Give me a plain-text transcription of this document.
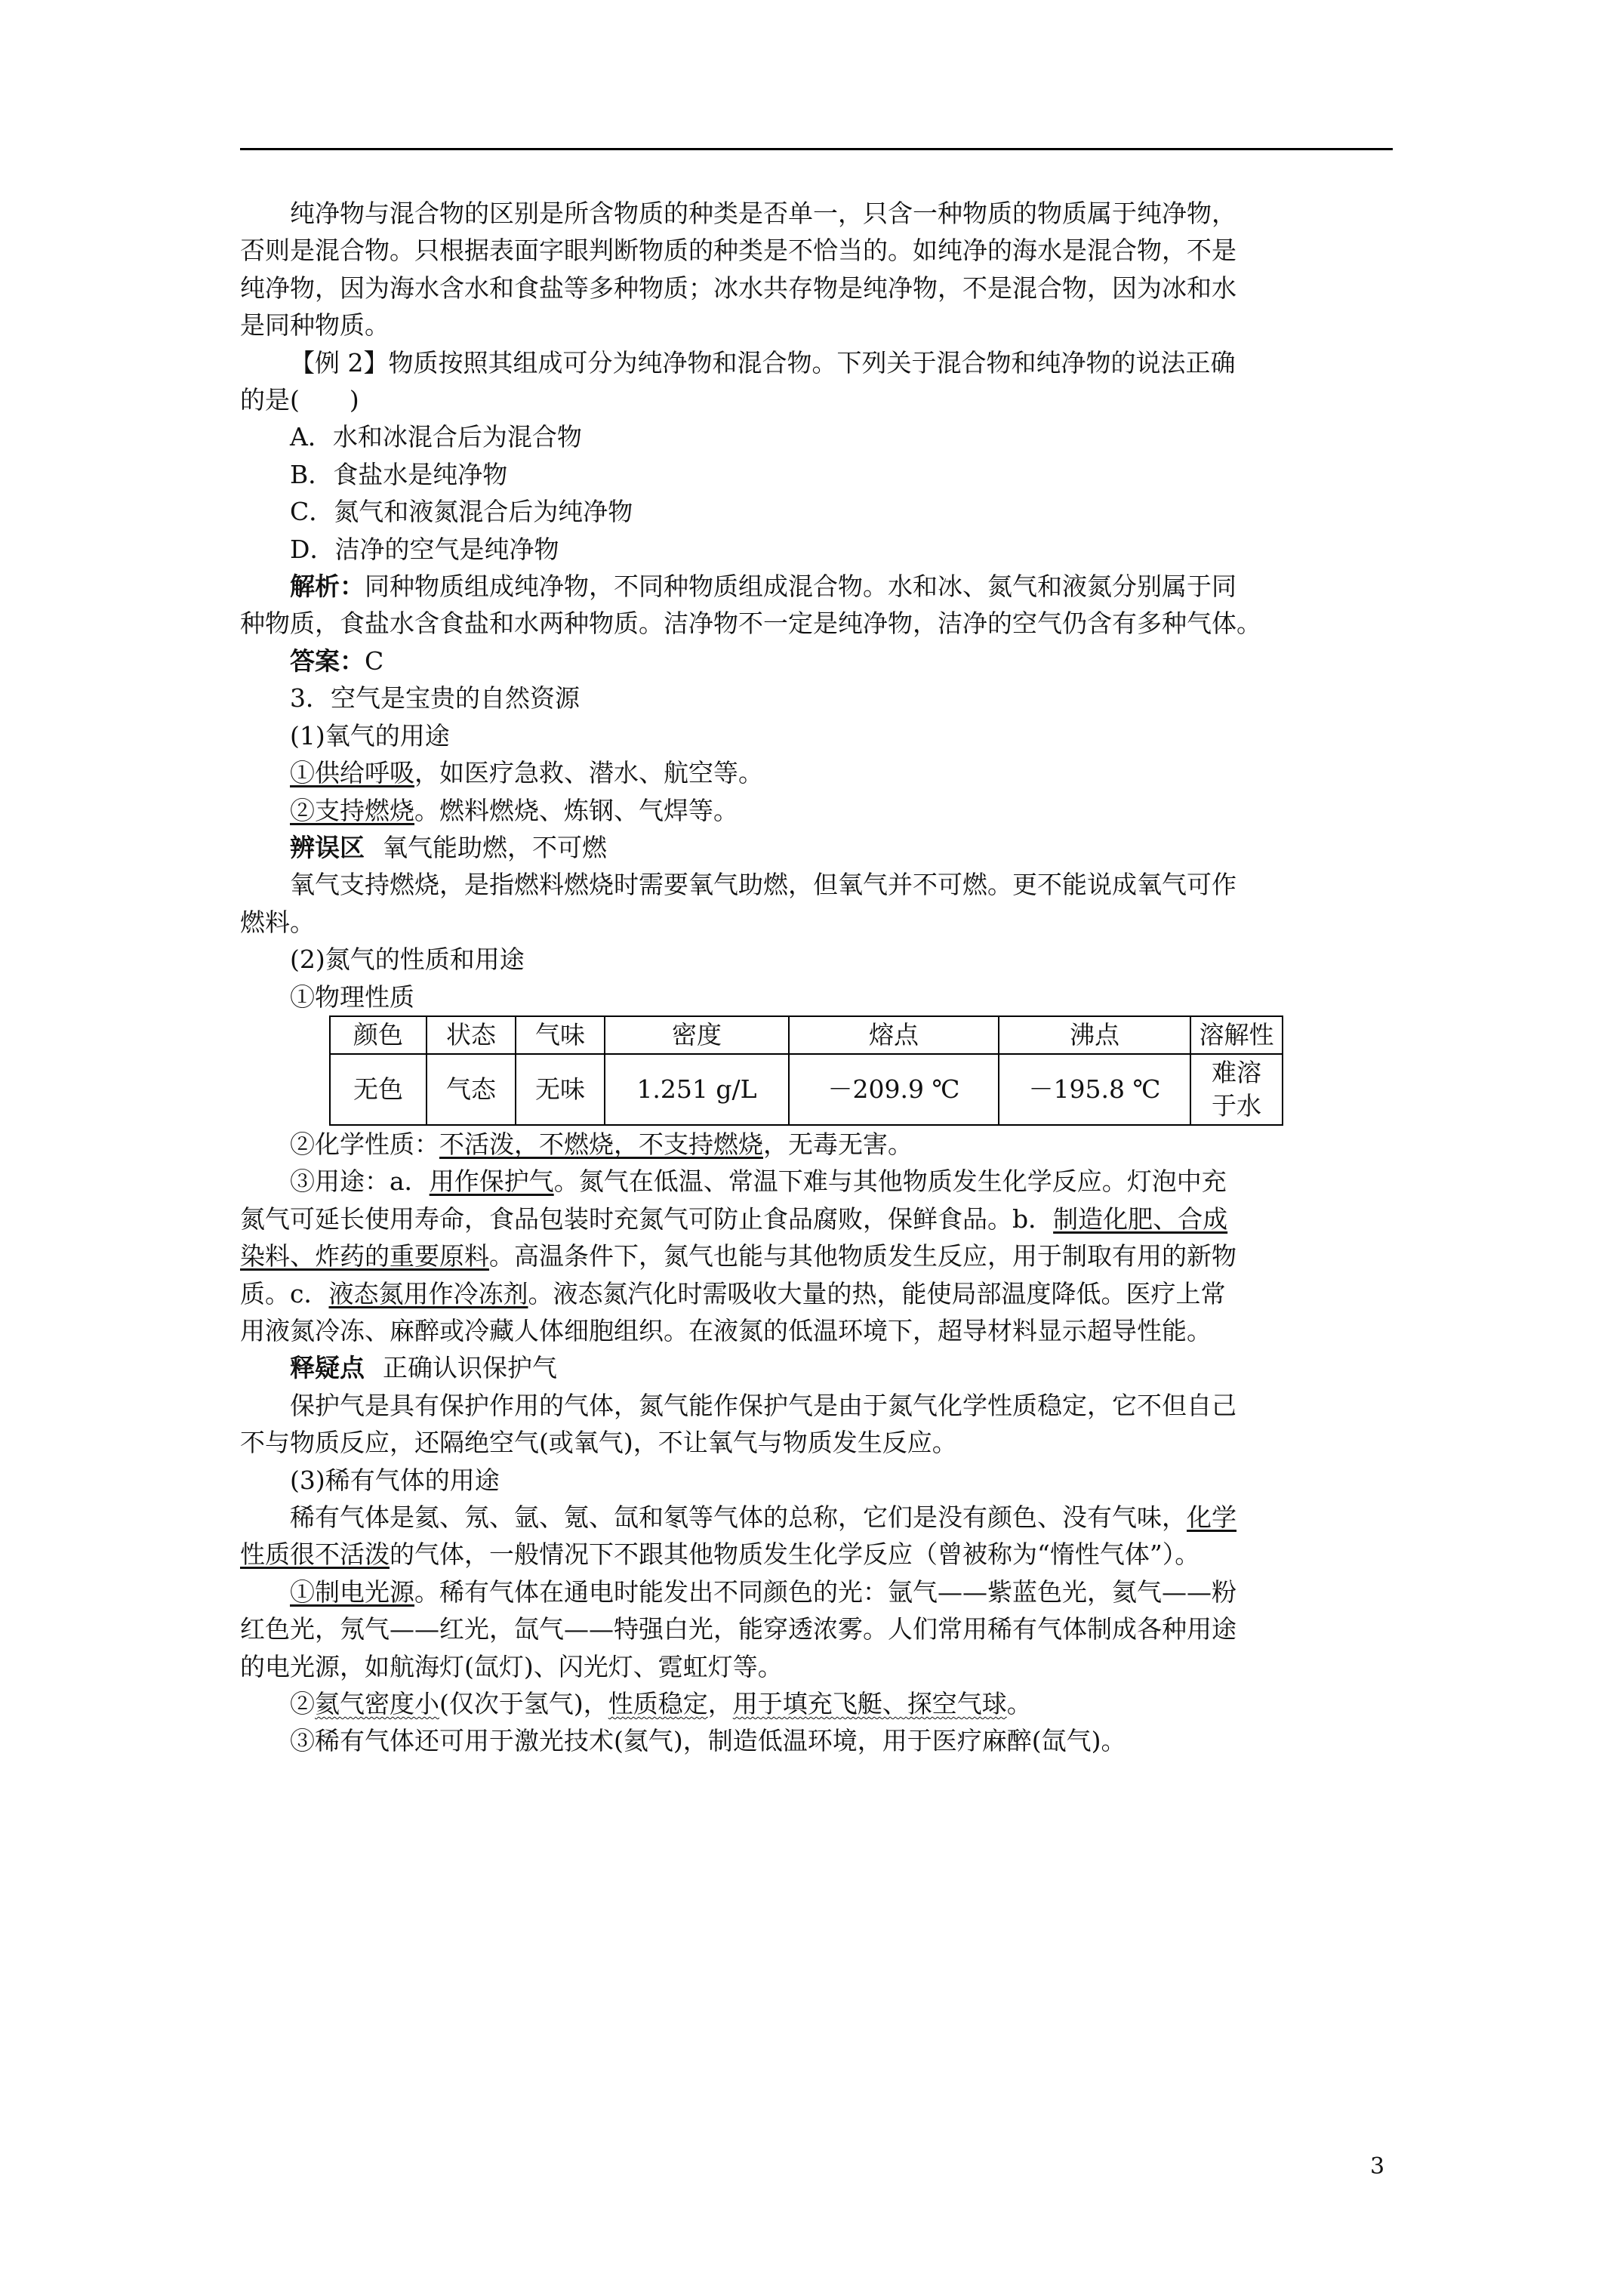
纯净物与混合物的区别是所含物质的种类是否单一，只含一种物质的物质属于纯净物，
否则是混合物。只根据表面字眼判断物质的种类是不恰当的。如纯净的海水是混合物，不是
纯净物，因为海水含水和食盐等多种物质；冰水共存物是纯净物，不是混合物，因为冰和水
是同种物质。

【例 2】物质按照其组成可分为纯净物和混合物。下列关于混合物和纯净物的说法正确
的是(　　)

A．水和冰混合后为混合物

B．食盐水是纯净物

C．氮气和液氮混合后为纯净物

D．洁净的空气是纯净物

解析：同种物质组成纯净物，不同种物质组成混合物。水和冰、氮气和液氮分别属于同
种物质，食盐水含食盐和水两种物质。洁净物不一定是纯净物，洁净的空气仍含有多种气体。

答案：C

3．空气是宝贵的自然资源

(1)氧气的用途

①供给呼吸，如医疗急救、潜水、航空等。

②支持燃烧。燃料燃烧、炼钢、气焊等。

辨误区 氧气能助燃，不可燃

氧气支持燃烧，是指燃料燃烧时需要氧气助燃，但氧气并不可燃。更不能说成氧气可作
燃料。

(2)氮气的性质和用途

①物理性质

颜色	状态	气味	密度	熔点	沸点	溶解性
无色	气态	无味	1.251 g/L	－209.9 ℃	－195.8 ℃	难溶
于水

②化学性质：不活泼，不燃烧，不支持燃烧，无毒无害。

③用途：a．用作保护气。氮气在低温、常温下难与其他物质发生化学反应。灯泡中充
氮气可延长使用寿命，食品包装时充氮气可防止食品腐败，保鲜食品。b．制造化肥、合成
染料、炸药的重要原料。高温条件下，氮气也能与其他物质发生反应，用于制取有用的新物
质。c．液态氮用作冷冻剂。液态氮汽化时需吸收大量的热，能使局部温度降低。医疗上常
用液氮冷冻、麻醉或冷藏人体细胞组织。在液氮的低温环境下，超导材料显示超导性能。

释疑点 正确认识保护气

保护气是具有保护作用的气体，氮气能作保护气是由于氮气化学性质稳定，它不但自己
不与物质反应，还隔绝空气(或氧气)，不让氧气与物质发生反应。

(3)稀有气体的用途

稀有气体是氦、氖、氩、氪、氙和氡等气体的总称，它们是没有颜色、没有气味，化学
性质很不活泼的气体，一般情况下不跟其他物质发生化学反应（曾被称为“惰性气体”）。

①制电光源。稀有气体在通电时能发出不同颜色的光：氩气——紫蓝色光，氦气——粉
红色光，氖气——红光，氙气——特强白光，能穿透浓雾。人们常用稀有气体制成各种用途
的电光源，如航海灯(氙灯)、闪光灯、霓虹灯等。

②氦气密度小(仅次于氢气)，性质稳定，用于填充飞艇、探空气球。

③稀有气体还可用于激光技术(氦气)，制造低温环境，用于医疗麻醉(氙气)。

3
